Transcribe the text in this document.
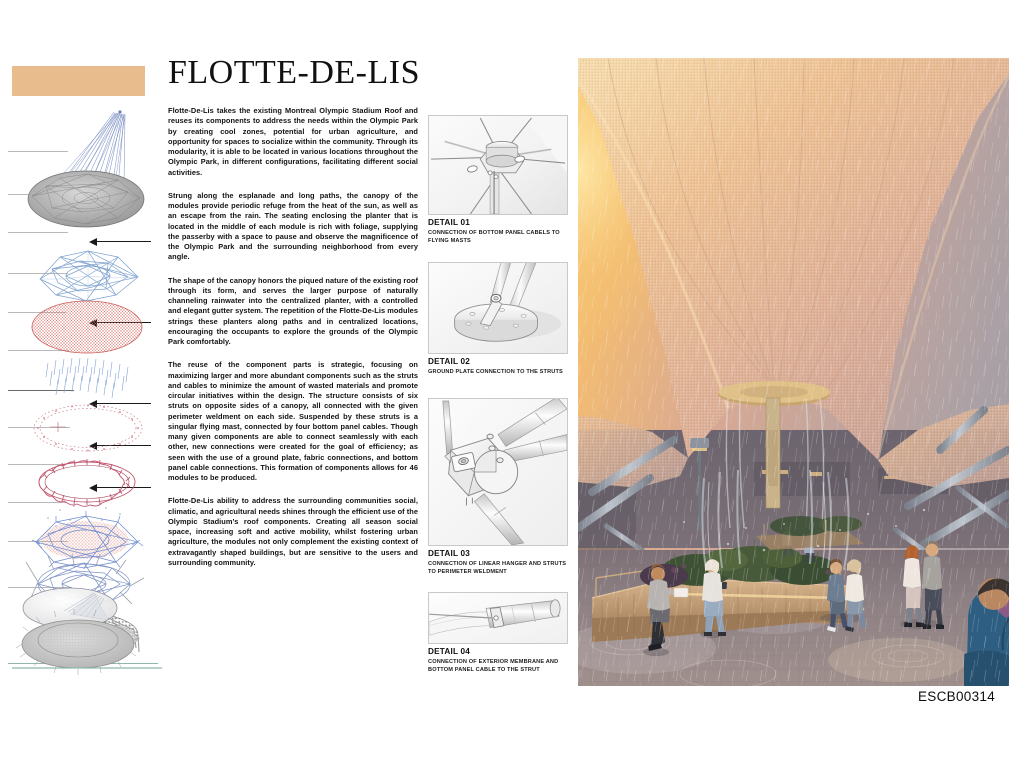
FLOTTE-DE-LIS

Flotte-De-Lis takes the existing Montreal Olympic Stadium Roof and reuses its components to address the needs within the Olympic Park by creating cool zones, potential for urban agriculture, and opportunity for spaces to socialize within the community. Through its modularity, it is able to be located in various locations throughout the Olympic Park, in different configurations, facilitating different social activities.

Strung along the esplanade and long paths, the canopy of the modules provide periodic refuge from the heat of the sun, as well as an escape from the rain. The seating enclosing the planter that is located in the middle of each module is rich with foliage, supplying the passerby with a space to pause and observe the magnificence of the Olympic Park and the surrounding neighborhood from every angle.

The shape of the canopy honors the piqued nature of the existing roof through its form, and serves the larger purpose of naturally channeling rainwater into the centralized planter, with a controlled and elegant gutter system. The repetition of the Flotte-De-Lis modules strings these planters along paths and in centralized locations, encouraging the occupants to explore the grounds of the Olympic Park comfortably.

The reuse of the component parts is strategic, focusing on maximizing larger and more abundant components such as the struts and cables to minimize the amount of wasted materials and promote circular initiatives within the design. The structure consists of six struts on opposite sides of a canopy, all connected with the given perimeter weldment on each side. Suspended by these struts is a singular flying mast, connected by four bottom panel cables. Though many given components are able to connect seamlessly with each other, new connections were created for the goal of efficiency; as seen with the use of a ground plate, fabric connections, and bottom panel cable connections. This formation of components allows for 46 modules to be produced.

Flotte-De-Lis ability to address the surrounding communities social, climatic, and agricultural needs shines through the efficient use of the Olympic Stadium’s roof components. Creating all season social space, increasing soft and active mobility, whilst fostering urban agriculture, the modules not only complement the existing context of extravagantly shaped buildings, but are sensitive to the users and surrounding community.

DETAIL 01
CONNECTION OF BOTTOM PANEL CABELS TO FLYING MASTS
DETAIL 02
GROUND PLATE CONNECTION TO THE STRUTS
DETAIL 03
CONNECTION OF LINEAR HANGER AND STRUTS TO PERIMETER WELDMENT
DETAIL 04
CONNECTION OF EXTERIOR MEMBRANE AND BOTTOM PANEL CABLE TO THE STRUT
ESCB00314
